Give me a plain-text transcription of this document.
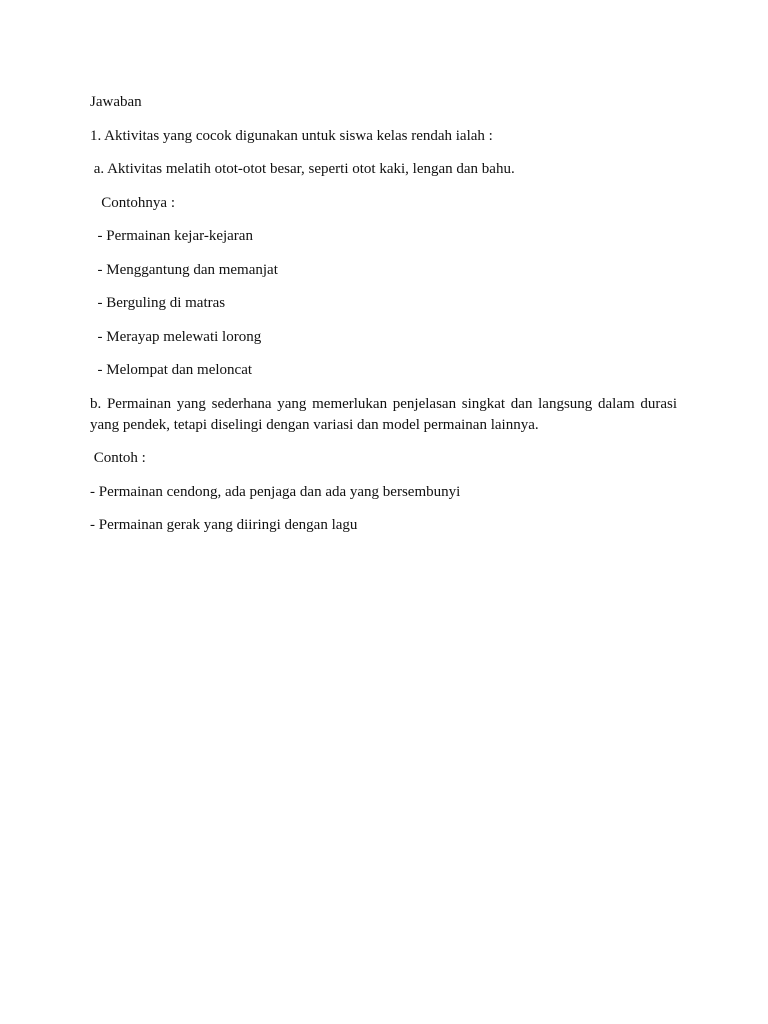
Jawaban

1. Aktivitas yang cocok digunakan untuk siswa kelas rendah ialah :

a. Aktivitas melatih otot-otot besar, seperti otot kaki, lengan dan bahu.

Contohnya :

- Permainan kejar-kejaran

- Menggantung dan memanjat

- Berguling di matras

- Merayap melewati lorong

- Melompat dan meloncat

b. Permainan yang sederhana yang memerlukan penjelasan singkat dan langsung dalam durasi yang pendek, tetapi diselingi dengan variasi dan model permainan lainnya.

Contoh :

- Permainan cendong, ada penjaga dan ada yang bersembunyi

- Permainan gerak yang diiringi dengan lagu
